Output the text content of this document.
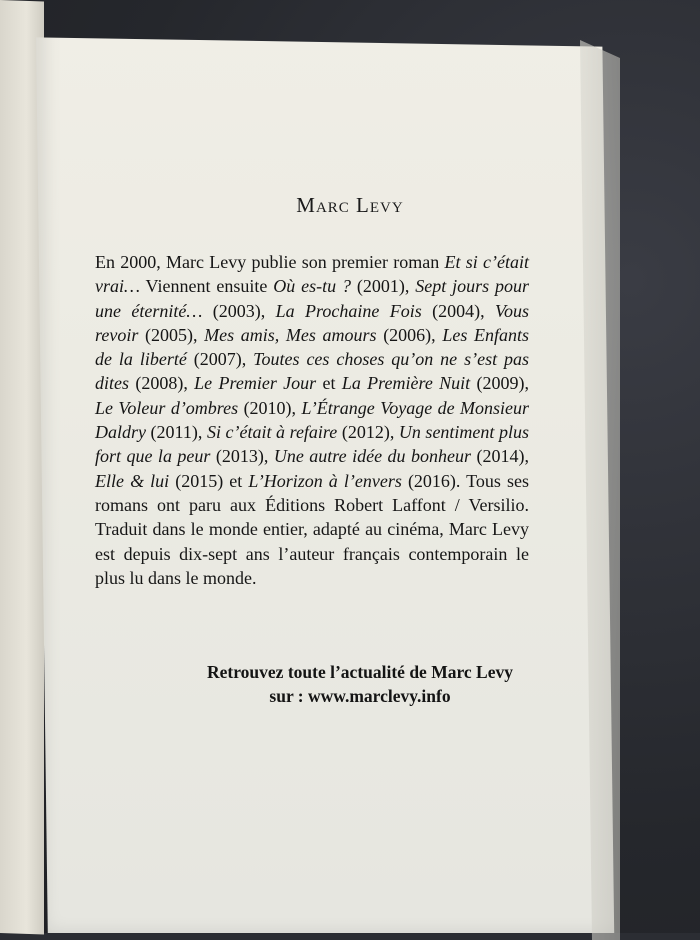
Marc Levy
En 2000, Marc Levy publie son premier roman Et si c’était vrai… Viennent ensuite Où es-tu ? (2001), Sept jours pour une éternité… (2003), La Prochaine Fois (2004), Vous revoir (2005), Mes amis, Mes amours (2006), Les Enfants de la liberté (2007), Toutes ces choses qu’on ne s’est pas dites (2008), Le Premier Jour et La Première Nuit (2009), Le Voleur d’ombres (2010), L’Étrange Voyage de Monsieur Daldry (2011), Si c’était à refaire (2012), Un sentiment plus fort que la peur (2013), Une autre idée du bonheur (2014), Elle & lui (2015) et L’Horizon à l’envers (2016). Tous ses romans ont paru aux Éditions Robert Laffont / Versilio. Traduit dans le monde entier, adapté au cinéma, Marc Levy est depuis dix-sept ans l’auteur français contemporain le plus lu dans le monde.
Retrouvez toute l’actualité de Marc Levy
sur : www.marclevy.info
